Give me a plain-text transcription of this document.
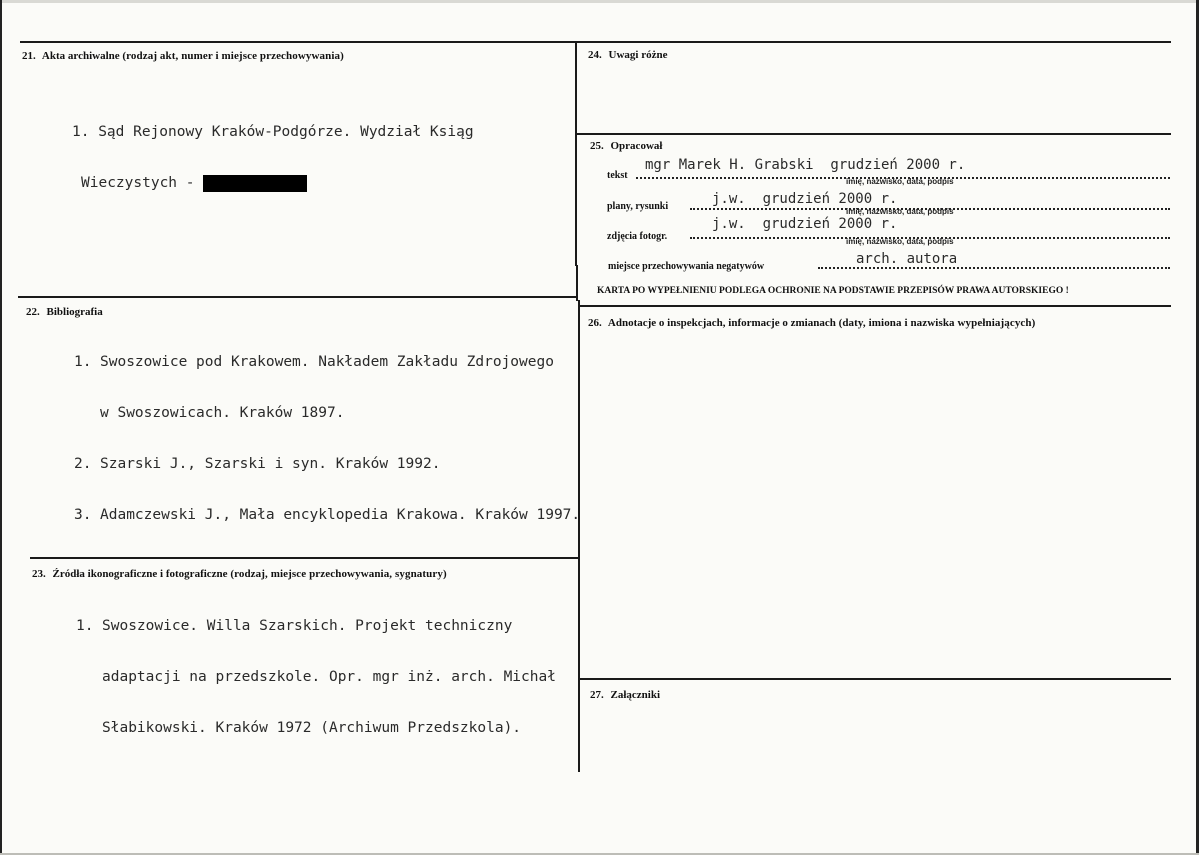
21. Akta archiwalne (rodzaj akt, numer i miejsce przechowywania)

1. Sąd Rejonowy Kraków-Podgórze. Wydział Ksiąg

Wieczystych -

22. Bibliografia

1. Swoszowice pod Krakowem. Nakładem Zakładu Zdrojowego

w Swoszowicach. Kraków 1897.

2. Szarski J., Szarski i syn. Kraków 1992.

3. Adamczewski J., Mała encyklopedia Krakowa. Kraków 1997.

23. Źródła ikonograficzne i fotograficzne (rodzaj, miejsce przechowywania, sygnatury)

1. Swoszowice. Willa Szarskich. Projekt techniczny

adaptacji na przedszkole. Opr. mgr inż. arch. Michał

Słabikowski. Kraków 1972 (Archiwum Przedszkola).

24. Uwagi różne
25. Opracował
tekst
mgr Marek H. Grabski  grudzień 2000 r.
imię, nazwisko, data, podpis
plany, rysunki	j.w.  grudzień 2000 r.
imię, nazwisko, data, podpis
zdjęcia fotogr.
j.w.  grudzień 2000 r.
imię, nazwisko, data, podpis
miejsce przechowywania negatywów	arch. autora
KARTA PO WYPEŁNIENIU PODLEGA OCHRONIE NA PODSTAWIE PRZEPISÓW PRAWA AUTORSKIEGO !
26. Adnotacje o inspekcjach, informacje o zmianach (daty, imiona i nazwiska wypełniających)
27. Załączniki
